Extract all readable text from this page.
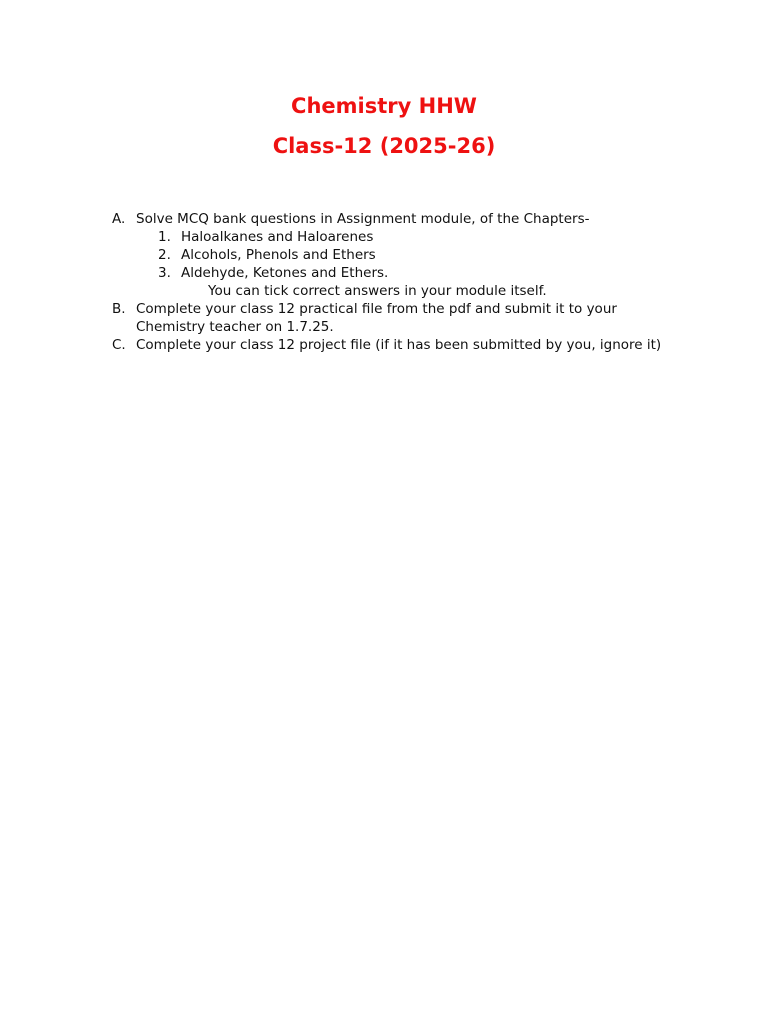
Chemistry HHW
Class-12 (2025-26)
A. Solve MCQ bank questions in Assignment module, of the Chapters-
1. Haloalkanes and Haloarenes
2. Alcohols, Phenols and Ethers
3. Aldehyde, Ketones and Ethers.
You can tick correct answers in your module itself.
B. Complete your class 12 practical file from the pdf and submit it to your Chemistry teacher on 1.7.25.
C. Complete your class 12 project file (if it has been submitted by you, ignore it)
